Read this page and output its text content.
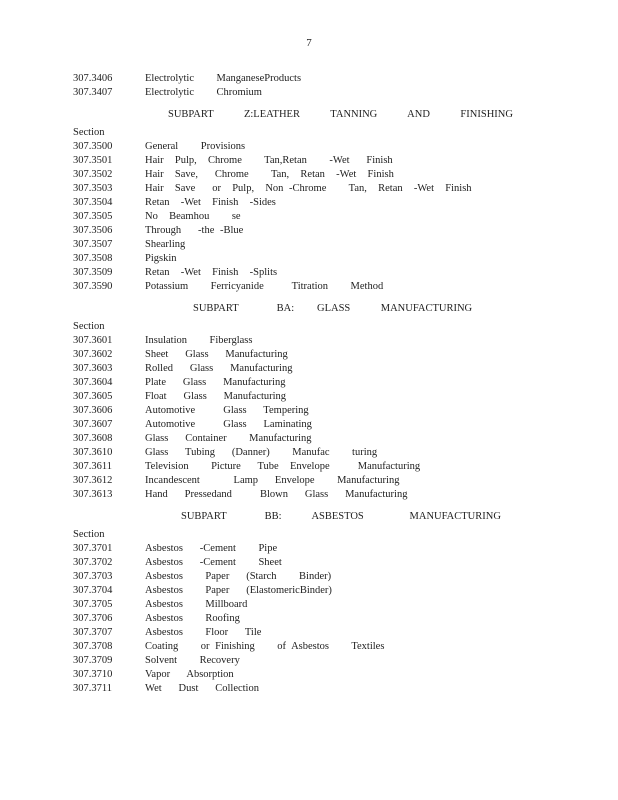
7
307.3406	Electrolytic    ManganeseProducts
307.3407	Electrolytic    Chromium
SUBPART    Z:LEATHER    TANNING    AND    FINISHING
Section
307.3500	General    Provisions
307.3501	Hair  Pulp,  Chrome    Tan,Retan    -Wet   Finish
307.3502	Hair  Save,   Chrome    Tan,  Retan  -Wet  Finish
307.3503	Hair  Save   or  Pulp,  Non -Chrome    Tan,  Retan  -Wet  Finish
307.3504	Retan  -Wet  Finish  -Sides
307.3505	No  Beamhou    se
307.3506	Through   -the -Blue
307.3507	Shearling
307.3508	Pigskin
307.3509	Retan  -Wet  Finish  -Splits
307.3590	Potassium    Ferricyanide     Titration    Method
SUBPART     BA:   GLASS    MANUFACTURING
Section
307.3601	Insulation    Fiberglass
307.3602	Sheet   Glass   Manufacturing
307.3603	Rolled   Glass   Manufacturing
307.3604	Plate   Glass   Manufacturing
307.3605	Float   Glass   Manufacturing
307.3606	Automotive     Glass   Tempering
307.3607	Automotive     Glass   Laminating
307.3608	Glass   Container    Manufacturing
307.3610	Glass   Tubing   (Danner)    Manufac    turing
307.3611	Television    Picture   Tube  Envelope     Manufacturing
307.3612	Incandescent      Lamp   Envelope    Manufacturing
307.3613	Hand   Pressedand     Blown   Glass   Manufacturing
SUBPART     BB:    ASBESTOS      MANUFACTURING
Section
307.3701	Asbestos   -Cement    Pipe
307.3702	Asbestos   -Cement    Sheet
307.3703	Asbestos    Paper   (Starch    Binder)
307.3704	Asbestos    Paper   (ElastomericBinder)
307.3705	Asbestos    Millboard
307.3706	Asbestos    Roofing
307.3707	Asbestos    Floor   Tile
307.3708	Coating    or Finishing    of Asbestos    Textiles
307.3709	Solvent    Recovery
307.3710	Vapor   Absorption
307.3711	Wet   Dust   Collection
